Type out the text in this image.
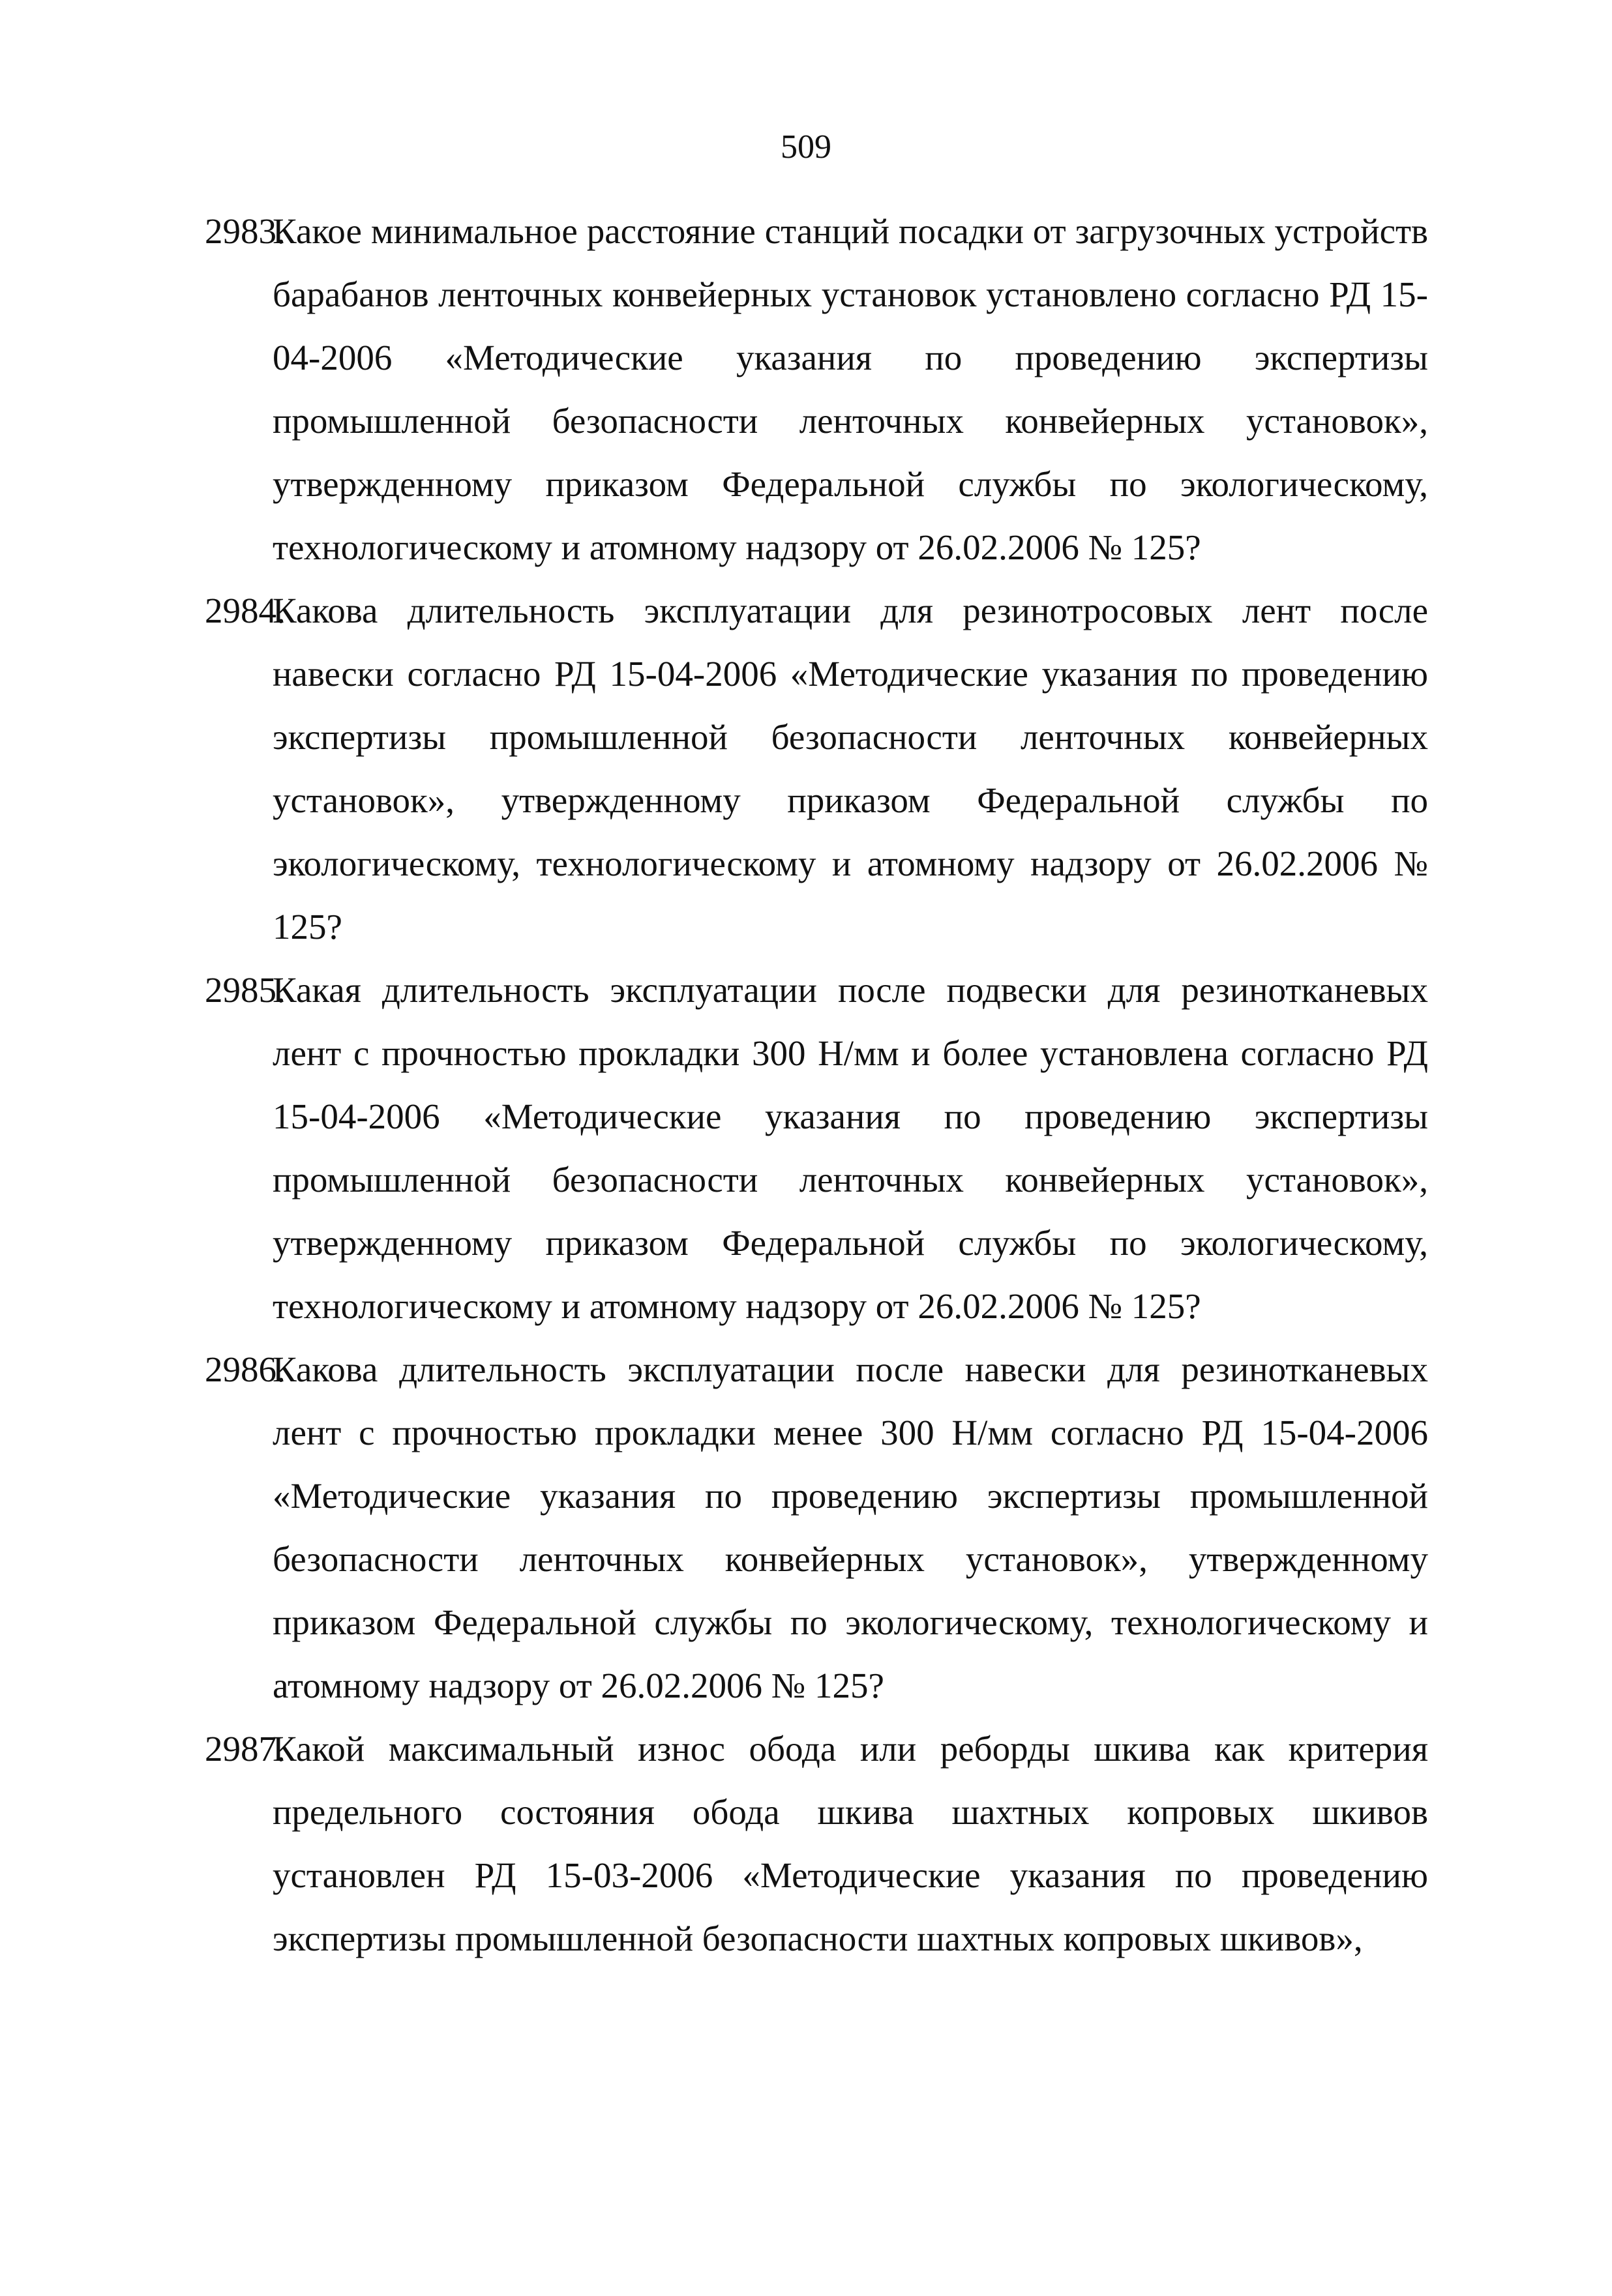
509
2983.
Какое минимальное расстояние станций посадки от загрузочных устройств барабанов ленточных конвейерных установок установлено согласно РД 15-04-2006 «Методические указания по проведению экспертизы промышленной безопасности ленточных конвейерных установок», утвержденному приказом Федеральной службы по экологическому, технологическому и атомному надзору от 26.02.2006 № 125?
2984.
Какова длительность эксплуатации для резинотросовых лент после навески согласно РД 15-04-2006 «Методические указания по проведению экспертизы промышленной безопасности ленточных конвейерных установок», утвержденному приказом Федеральной службы по экологическому, технологическому и атомному надзору от 26.02.2006 № 125?
2985.
Какая длительность эксплуатации после подвески для резинотканевых лент с прочностью прокладки 300 Н/мм и более установлена согласно РД 15-04-2006 «Методические указания по проведению экспертизы промышленной безопасности ленточных конвейерных установок», утвержденному приказом Федеральной службы по экологическому, технологическому и атомному надзору от 26.02.2006 № 125?
2986.
Какова длительность эксплуатации после навески для резинотканевых лент с прочностью прокладки менее 300 Н/мм согласно РД 15-04-2006 «Методические указания по проведению экспертизы промышленной безопасности ленточных конвейерных установок», утвержденному приказом Федеральной службы по экологическому, технологическому и атомному надзору от 26.02.2006 № 125?
2987.
Какой максимальный износ обода или реборды шкива как критерия предельного состояния обода шкива шахтных копровых шкивов установлен РД 15-03-2006 «Методические указания по проведению экспертизы промышленной безопасности шахтных копровых шкивов»,
